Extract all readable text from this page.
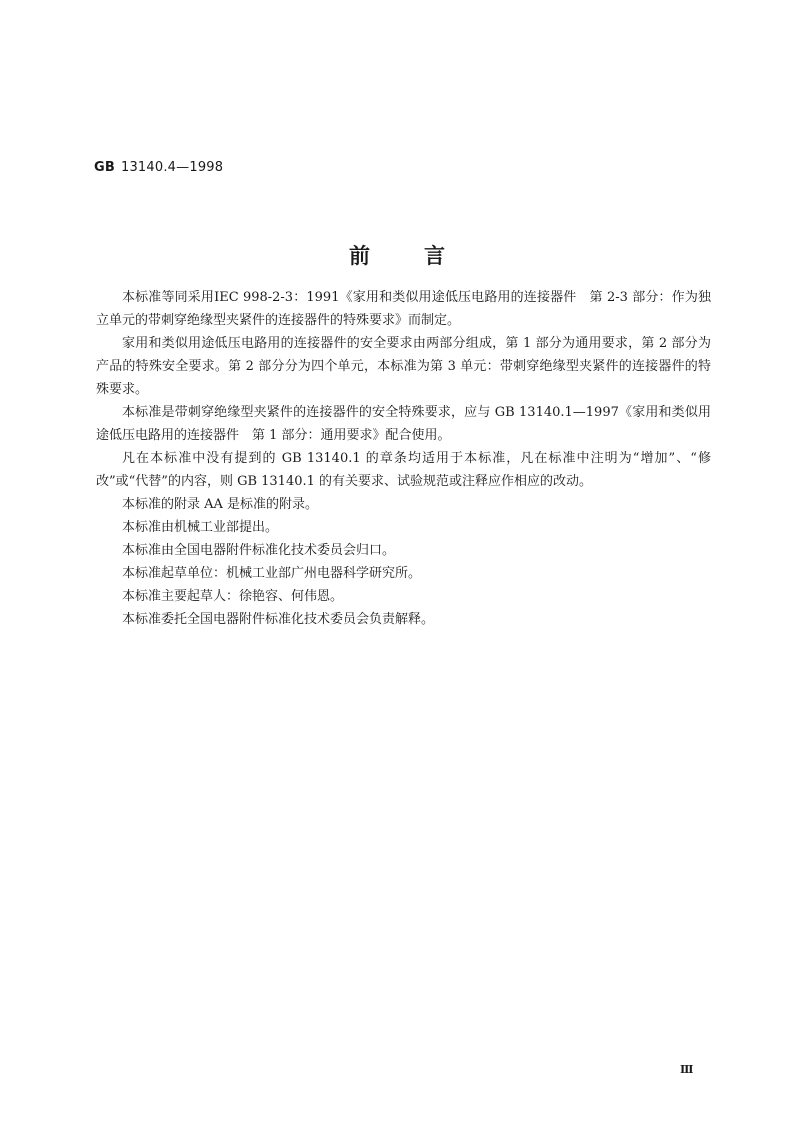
GB 13140.4—1998
前言

本标准等同采用IEC 998-2-3：1991《家用和类似用途低压电路用的连接器件　第 2-3 部分：作为独立单元的带刺穿绝缘型夹紧件的连接器件的特殊要求》而制定。

家用和类似用途低压电路用的连接器件的安全要求由两部分组成，第 1 部分为通用要求，第 2 部分为产品的特殊安全要求。第 2 部分分为四个单元，本标准为第 3 单元：带刺穿绝缘型夹紧件的连接器件的特殊要求。

本标准是带刺穿绝缘型夹紧件的连接器件的安全特殊要求，应与 GB 13140.1—1997《家用和类似用途低压电路用的连接器件　第 1 部分：通用要求》配合使用。

凡在本标准中没有提到的 GB 13140.1 的章条均适用于本标准，凡在标准中注明为“增加”、“修改”或“代替”的内容，则 GB 13140.1 的有关要求、试验规范或注释应作相应的改动。

本标准的附录 AA 是标准的附录。

本标准由机械工业部提出。

本标准由全国电器附件标准化技术委员会归口。

本标准起草单位：机械工业部广州电器科学研究所。

本标准主要起草人：徐艳容、何伟恩。

本标准委托全国电器附件标准化技术委员会负责解释。

Ⅲ
